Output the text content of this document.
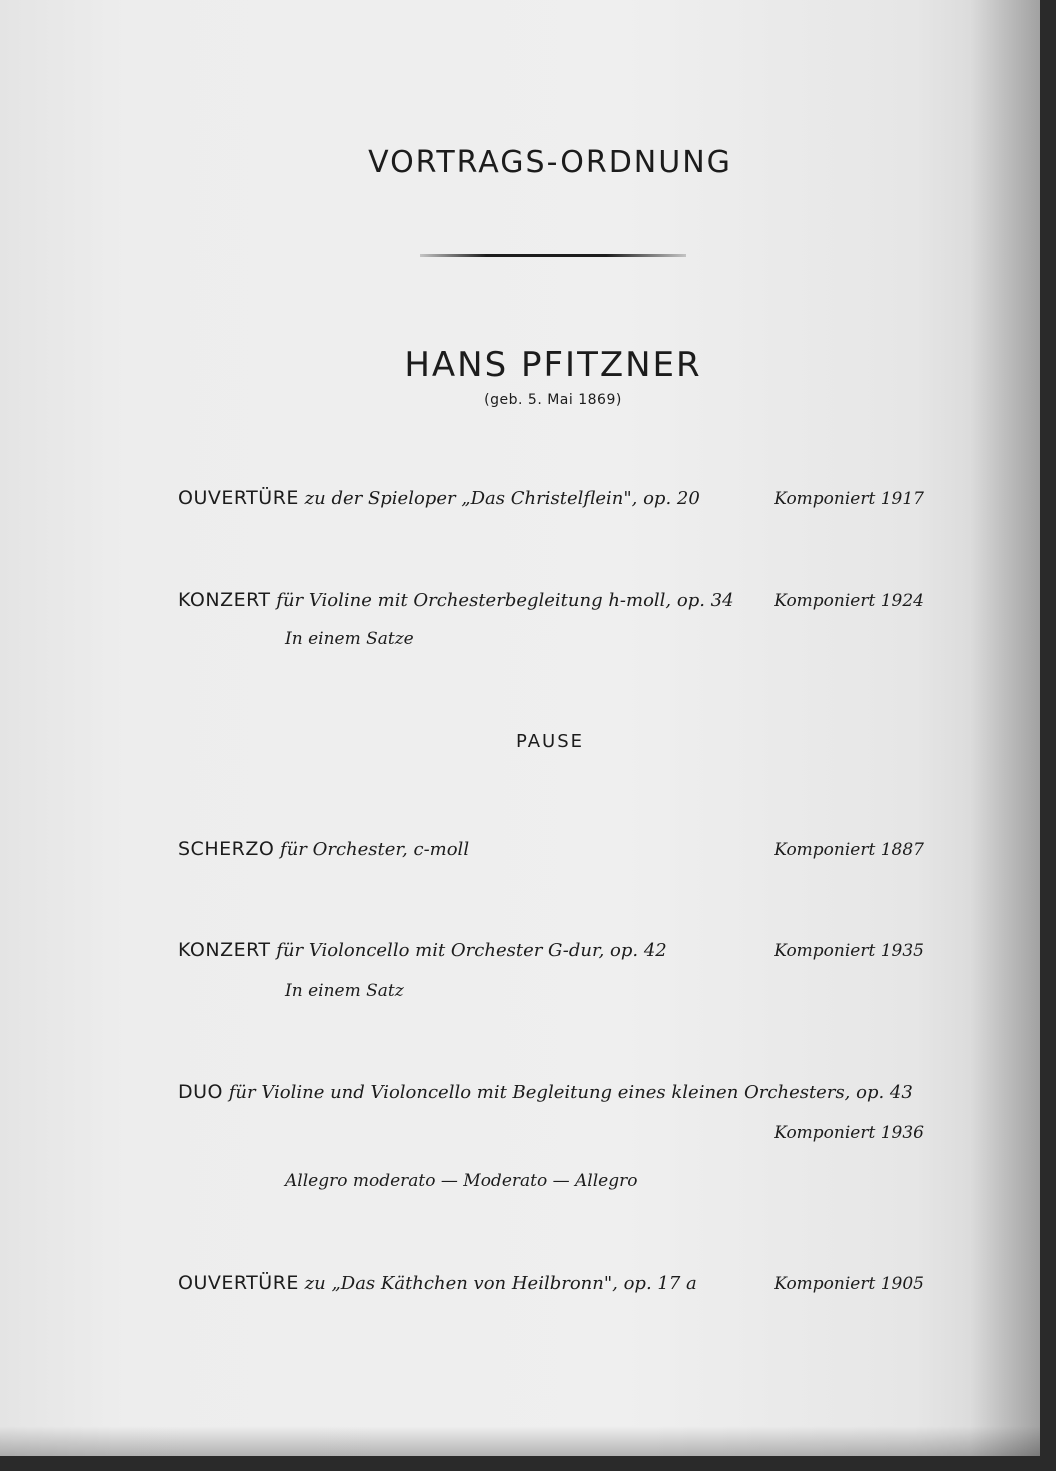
VORTRAGS-ORDNUNG
HANS PFITZNER
(geb. 5. Mai 1869)
OUVERTÜRE zu der Spieloper „Das Christelflein", op. 20	Komponiert 1917
KONZERT für Violine mit Orchesterbegleitung h-moll, op. 34 Komponiert 1924
In einem Satze
PAUSE
SCHERZO für Orchester, c-moll	Komponiert 1887
KONZERT für Violoncello mit Orchester G-dur, op. 42	Komponiert 1935
In einem Satz
DUO für Violine und Violoncello mit Begleitung eines kleinen Orchesters, op. 43
Komponiert 1936
Allegro moderato — Moderato — Allegro
OUVERTÜRE zu „Das Käthchen von Heilbronn", op. 17 a	Komponiert 1905
